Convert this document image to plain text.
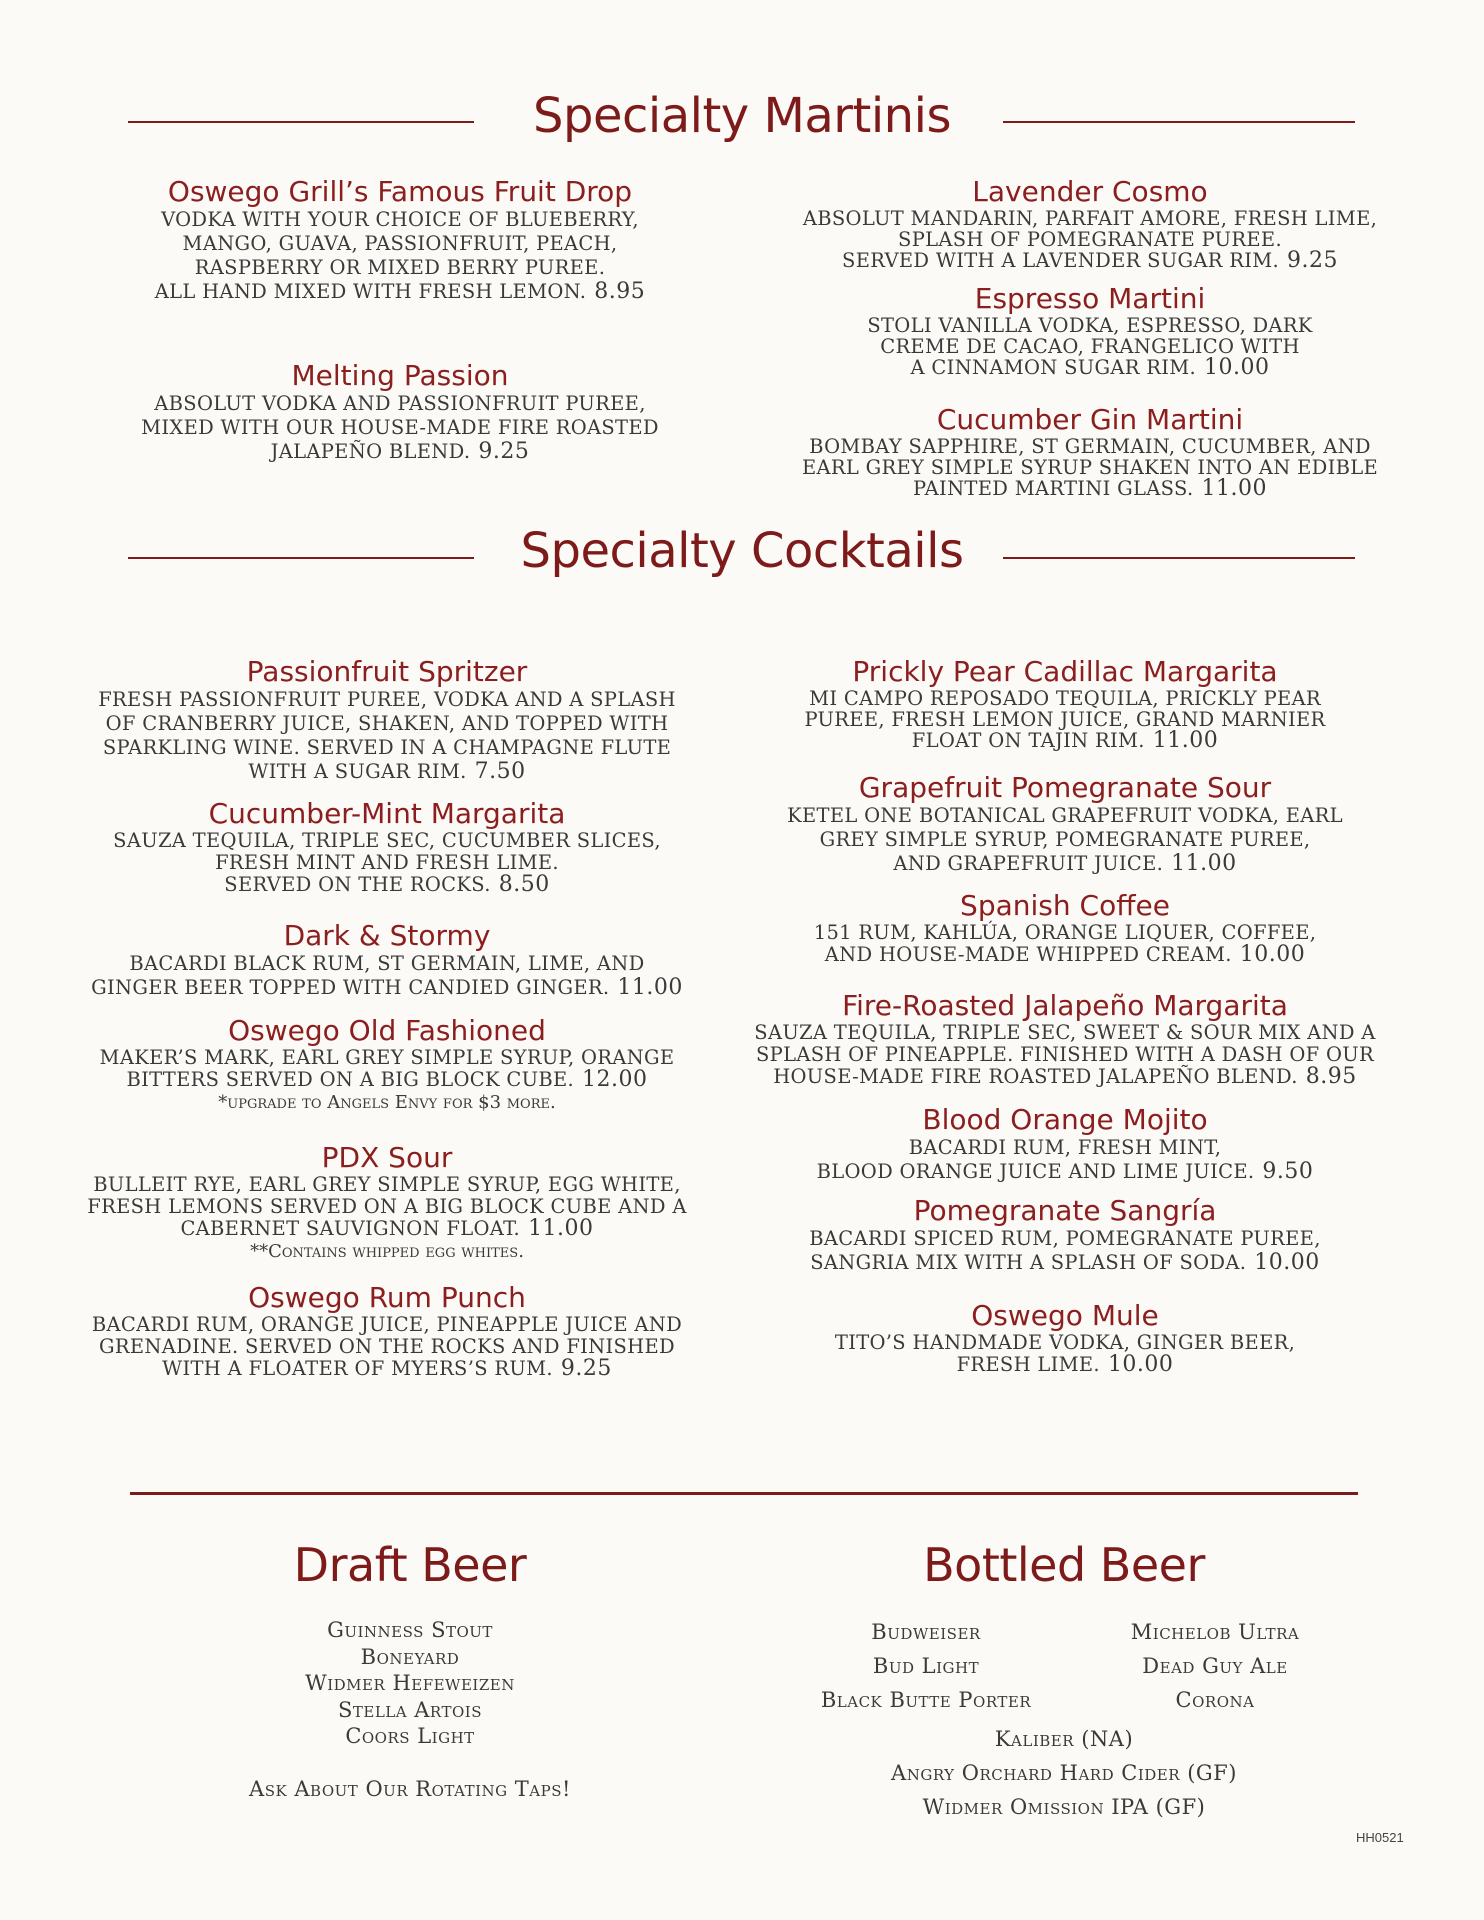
Specialty Martinis
Oswego Grill’s Famous Fruit Drop
VODKA WITH YOUR CHOICE OF BLUEBERRY,
MANGO, GUAVA, PASSIONFRUIT, PEACH,
RASPBERRY OR MIXED BERRY PUREE.
ALL HAND MIXED WITH FRESH LEMON. 8.95
Melting Passion
ABSOLUT VODKA AND PASSIONFRUIT PUREE,
MIXED WITH OUR HOUSE-MADE FIRE ROASTED
JALAPEÑO BLEND. 9.25
Lavender Cosmo
ABSOLUT MANDARIN, PARFAIT AMORE, FRESH LIME,
SPLASH OF POMEGRANATE PUREE.
SERVED WITH A LAVENDER SUGAR RIM. 9.25
Espresso Martini
STOLI VANILLA VODKA, ESPRESSO, DARK
CREME DE CACAO, FRANGELICO WITH
A CINNAMON SUGAR RIM. 10.00
Cucumber Gin Martini
BOMBAY SAPPHIRE, ST GERMAIN, CUCUMBER, AND
EARL GREY SIMPLE SYRUP SHAKEN INTO AN EDIBLE
PAINTED MARTINI GLASS. 11.00
Specialty Cocktails
Passionfruit Spritzer
FRESH PASSIONFRUIT PUREE, VODKA AND A SPLASH
OF CRANBERRY JUICE, SHAKEN, AND TOPPED WITH
SPARKLING WINE. SERVED IN A CHAMPAGNE FLUTE
WITH A SUGAR RIM. 7.50
Cucumber-Mint Margarita
SAUZA TEQUILA, TRIPLE SEC, CUCUMBER SLICES,
FRESH MINT AND FRESH LIME.
SERVED ON THE ROCKS. 8.50
Dark & Stormy
BACARDI BLACK RUM, ST GERMAIN, LIME, AND
GINGER BEER TOPPED WITH CANDIED GINGER. 11.00
Oswego Old Fashioned
MAKER’S MARK, EARL GREY SIMPLE SYRUP, ORANGE
BITTERS SERVED ON A BIG BLOCK CUBE. 12.00
*upgrade to Angels Envy for $3 more.
PDX Sour
BULLEIT RYE, EARL GREY SIMPLE SYRUP, EGG WHITE,
FRESH LEMONS SERVED ON A BIG BLOCK CUBE AND A
CABERNET SAUVIGNON FLOAT. 11.00
**Contains whipped egg whites.
Oswego Rum Punch
BACARDI RUM, ORANGE JUICE, PINEAPPLE JUICE AND
GRENADINE. SERVED ON THE ROCKS AND FINISHED
WITH A FLOATER OF MYERS’S RUM. 9.25
Prickly Pear Cadillac Margarita
MI CAMPO REPOSADO TEQUILA, PRICKLY PEAR
PUREE, FRESH LEMON JUICE, GRAND MARNIER
FLOAT ON TAJIN RIM. 11.00
Grapefruit Pomegranate Sour
KETEL ONE BOTANICAL GRAPEFRUIT VODKA, EARL
GREY SIMPLE SYRUP, POMEGRANATE PUREE,
AND GRAPEFRUIT JUICE. 11.00
Spanish Coffee
151 RUM, KAHLÚA, ORANGE LIQUER, COFFEE,
AND HOUSE-MADE WHIPPED CREAM. 10.00
Fire-Roasted Jalapeño Margarita
SAUZA TEQUILA, TRIPLE SEC, SWEET & SOUR MIX AND A
SPLASH OF PINEAPPLE. FINISHED WITH A DASH OF OUR
HOUSE-MADE FIRE ROASTED JALAPEÑO BLEND. 8.95
Blood Orange Mojito
BACARDI RUM, FRESH MINT,
BLOOD ORANGE JUICE AND LIME JUICE. 9.50
Pomegranate Sangría
BACARDI SPICED RUM, POMEGRANATE PUREE,
SANGRIA MIX WITH A SPLASH OF SODA. 10.00
Oswego Mule
TITO’S HANDMADE VODKA, GINGER BEER,
FRESH LIME. 10.00
Draft Beer
Guinness Stout
Boneyard
Widmer Hefeweizen
Stella Artois
Coors Light
Ask About Our Rotating Taps!
Bottled Beer
Budweiser
Bud Light
Black Butte Porter
Michelob Ultra
Dead Guy Ale
Corona
Kaliber (NA)
Angry Orchard Hard Cider (GF)
Widmer Omission IPA (GF)
HH0521
